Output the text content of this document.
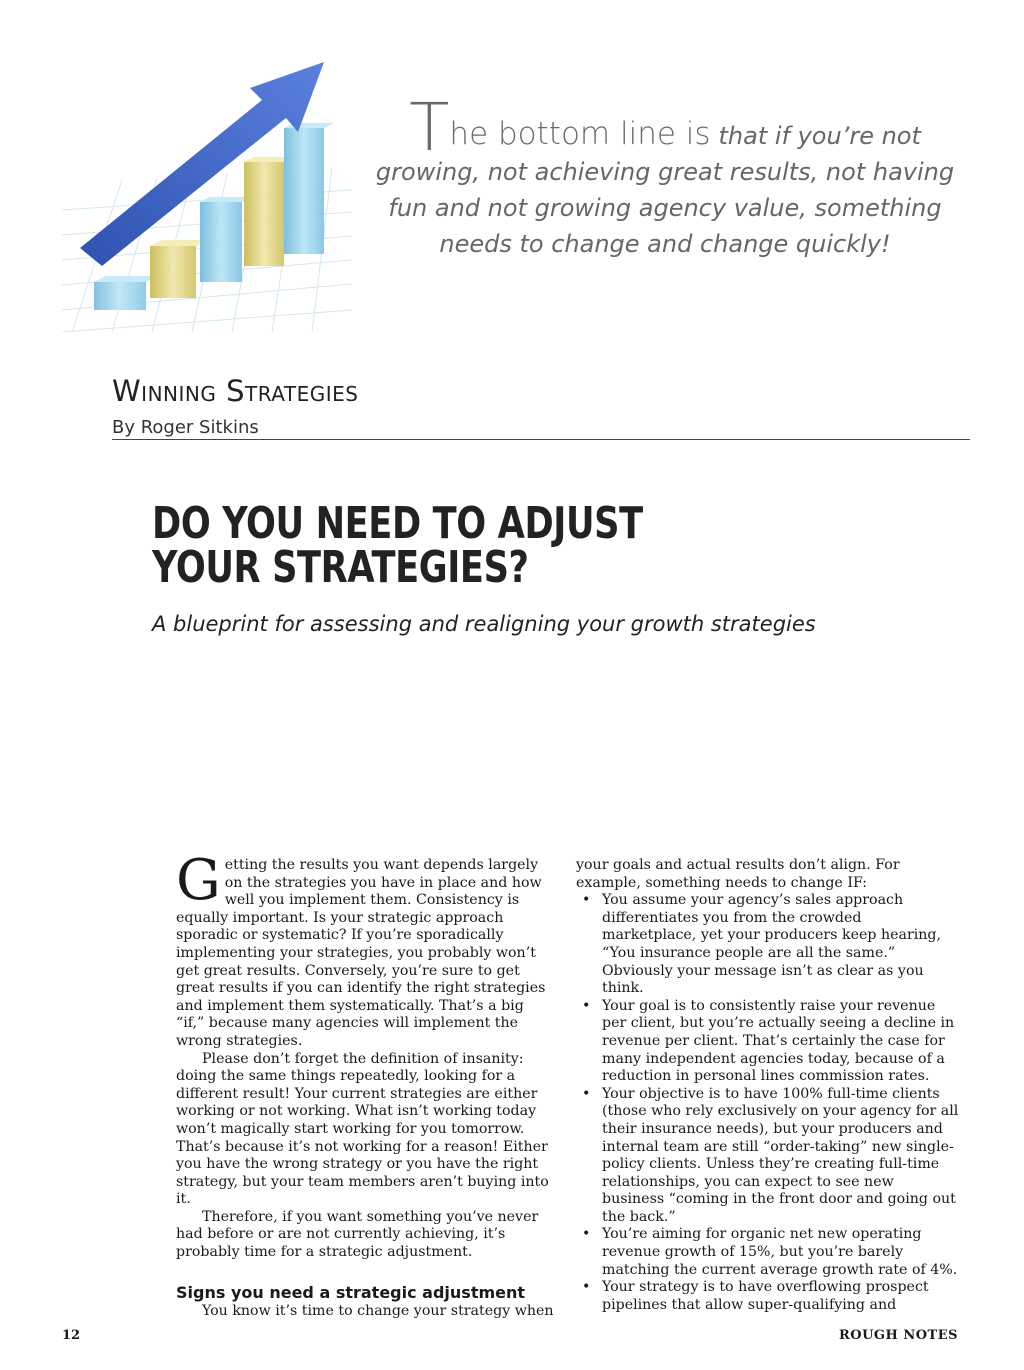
The bottom line is that if you’re not growing, not achieving great results, not having fun and not growing agency value, something needs to change and change quickly!
Winning Strategies
By Roger Sitkins
DO YOU NEED TO ADJUST
YOUR STRATEGIES?
A blueprint for assessing and realigning your growth strategies

Getting the results you want depends largely on the strategies you have in place and how well you implement them. Consistency is equally important. Is your strategic approach sporadic or systematic? If you’re sporadically implementing your strategies, you probably won’t get great results. Conversely, you’re sure to get great results if you can identify the right strategies and implement them systematically. That’s a big “if,” because many agencies will implement the wrong strategies.

Please don’t forget the definition of insanity: doing the same things repeatedly, looking for a different result! Your current strategies are either working or not working. What isn’t working today won’t magically start working for you tomorrow. That’s because it’s not working for a reason! Either you have the wrong strategy or you have the right strategy, but your team members aren’t buying into it.

Therefore, if you want something you’ve never had before or are not currently achieving, it’s probably time for a strategic adjustment.

Signs you need a strategic adjustment

You know it’s time to change your strategy when

your goals and actual results don’t align. For example, something needs to change IF:

• You assume your agency’s sales approach differentiates you from the crowded marketplace, yet your producers keep hearing, “You insurance people are all the same.” Obviously your message isn’t as clear as you think.
• Your goal is to consistently raise your revenue per client, but you’re actually seeing a decline in revenue per client. That’s certainly the case for many independent agencies today, because of a reduction in personal lines commission rates.
• Your objective is to have 100% full-time clients (those who rely exclusively on your agency for all their insurance needs), but your producers and internal team are still “order-taking” new single-policy clients. Unless they’re creating full-time relationships, you can expect to see new business “coming in the front door and going out the back.”
• You’re aiming for organic net new operating revenue growth of 15%, but you’re barely matching the current average growth rate of 4%.
• Your strategy is to have overflowing prospect pipelines that allow super-qualifying and
12	ROUGH NOTES
